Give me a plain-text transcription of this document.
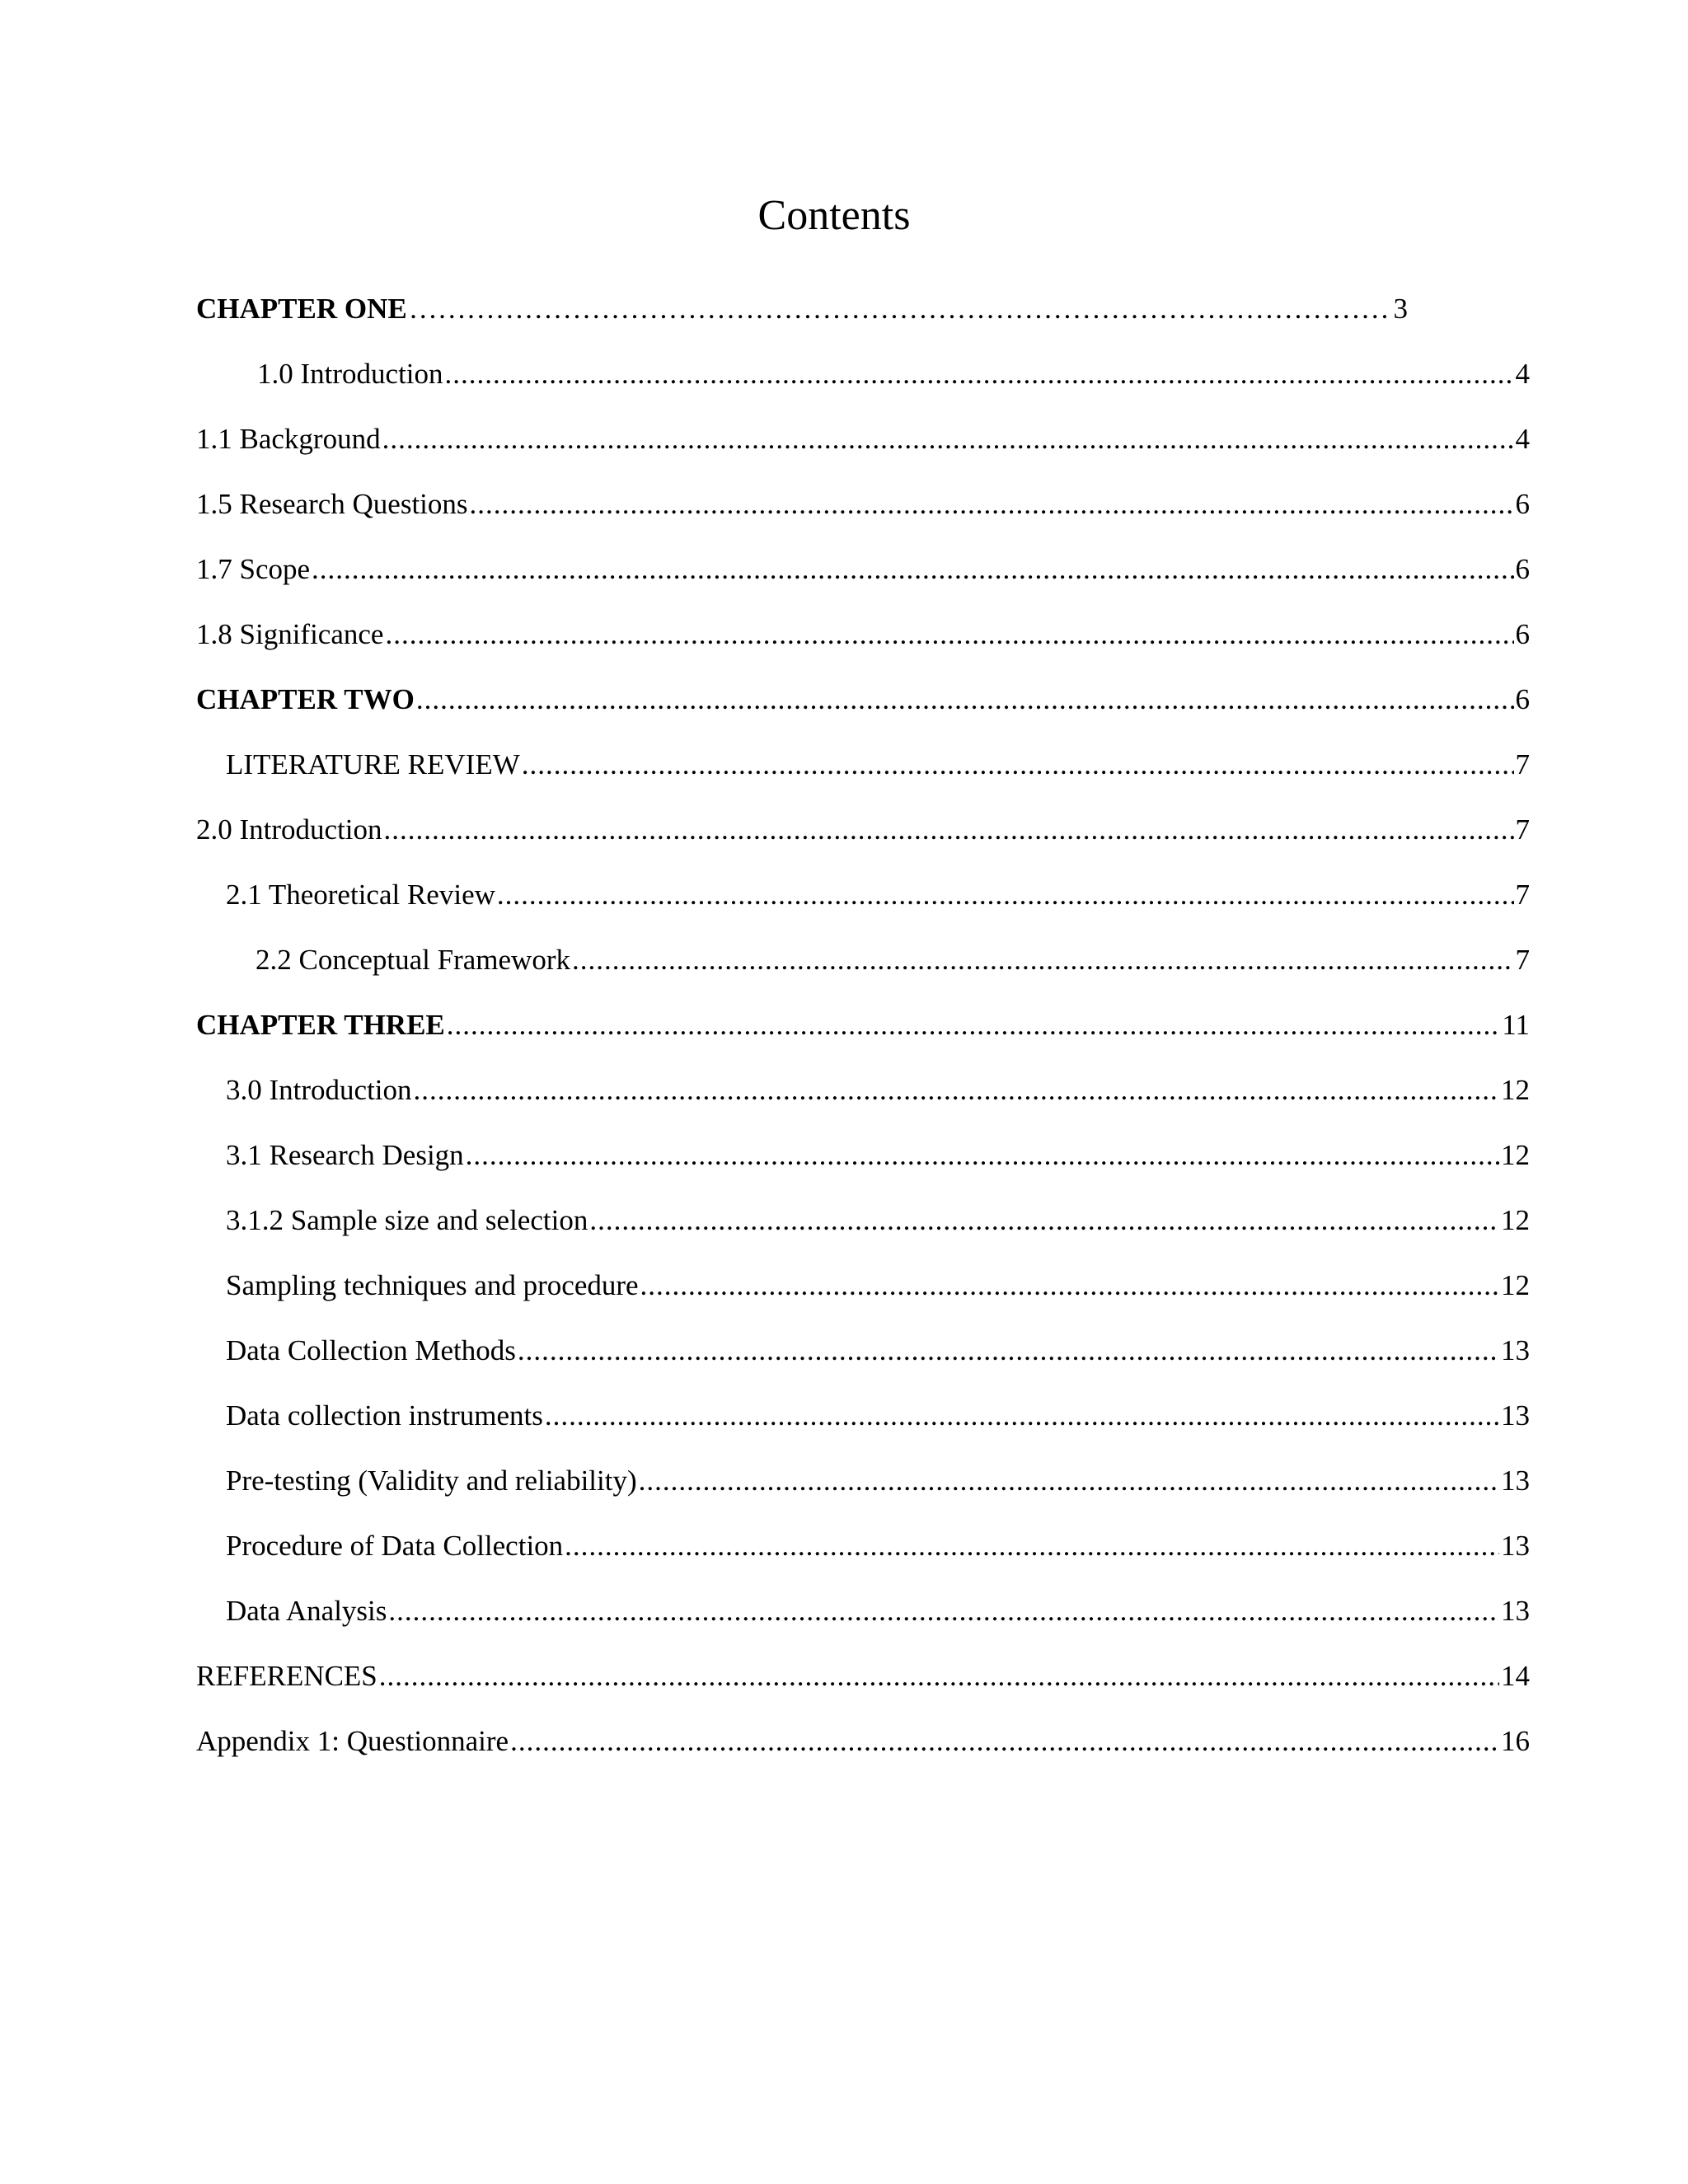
Contents
CHAPTER ONE …………………………………………………………………………………………………………………………………………………………………………………………………………	3
1.0 Introduction .....	4
1.1 Background .....	4
1.5 Research Questions .....	6
1.7 Scope .....	6
1.8 Significance .....	6
CHAPTER TWO .....	6
LITERATURE REVIEW .....	7
2.0 Introduction .....	7
2.1 Theoretical Review .....	7
2.2 Conceptual Framework .....	7
CHAPTER THREE .....	11
3.0 Introduction .....	12
3.1 Research Design .....	12
3.1.2 Sample size and selection .....	12
Sampling techniques and procedure .....	12
Data Collection Methods .....	13
Data collection instruments .....	13
Pre-testing (Validity and reliability) .....	13
Procedure of Data Collection .....	13
Data Analysis .....	13
REFERENCES .....	14
Appendix 1: Questionnaire .....	16
